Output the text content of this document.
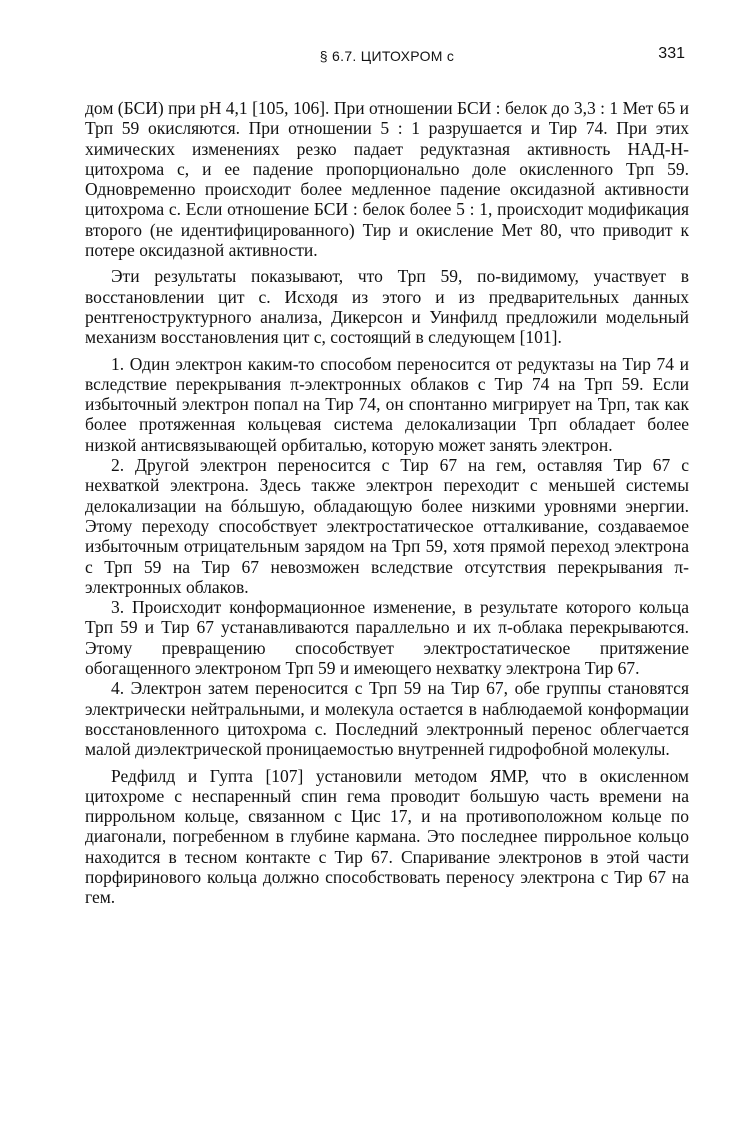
§ 6.7. ЦИТОХРОМ c	331

дом (БСИ) при рН 4,1 [105, 106]. При отношении БСИ : белок до 3,3 : 1 Мет 65 и Трп 59 окисляются. При отношении 5 : 1 разрушается и Тир 74. При этих химических изменениях резко падает редуктазная активность НАД-Н-цитохрома c, и ее падение пропорционально доле окисленного Трп 59. Одновременно происходит более медленное падение оксидазной активности цитохрома c. Если отношение БСИ : белок более 5 : 1, происходит модификация второго (не идентифицированного) Тир и окисление Мет 80, что приводит к потере оксидазной активности.

Эти результаты показывают, что Трп 59, по-видимому, участвует в восстановлении цит c. Исходя из этого и из предварительных данных рентгеноструктурного анализа, Дикерсон и Уинфилд предложили модельный механизм восстановления цит c, состоящий в следующем [101].

1. Один электрон каким-то способом переносится от редуктазы на Тир 74 и вследствие перекрывания π-электронных облаков с Тир 74 на Трп 59. Если избыточный электрон попал на Тир 74, он спонтанно мигрирует на Трп, так как более протяженная кольцевая система делокализации Трп обладает более низкой антисвязывающей орбиталью, которую может занять электрон.

2. Другой электрон переносится с Тир 67 на гем, оставляя Тир 67 с нехваткой электрона. Здесь также электрон переходит с меньшей системы делокализации на бóльшую, обладающую более низкими уровнями энергии. Этому переходу способствует электростатическое отталкивание, создаваемое избыточным отрицательным зарядом на Трп 59, хотя прямой переход электрона с Трп 59 на Тир 67 невозможен вследствие отсутствия перекрывания π-электронных облаков.

3. Происходит конформационное изменение, в результате которого кольца Трп 59 и Тир 67 устанавливаются параллельно и их π-облака перекрываются. Этому превращению способствует электростатическое притяжение обогащенного электроном Трп 59 и имеющего нехватку электрона Тир 67.

4. Электрон затем переносится с Трп 59 на Тир 67, обе группы становятся электрически нейтральными, и молекула остается в наблюдаемой конформации восстановленного цитохрома c. Последний электронный перенос облегчается малой диэлектрической проницаемостью внутренней гидрофобной молекулы.

Редфилд и Гупта [107] установили методом ЯМР, что в окисленном цитохроме c неспаренный спин гема проводит большую часть времени на пиррольном кольце, связанном с Цис 17, и на противоположном кольце по диагонали, погребенном в глубине кармана. Это последнее пиррольное кольцо находится в тесном контакте с Тир 67. Спаривание электронов в этой части порфиринового кольца должно способствовать переносу электрона с Тир 67 на гем.
